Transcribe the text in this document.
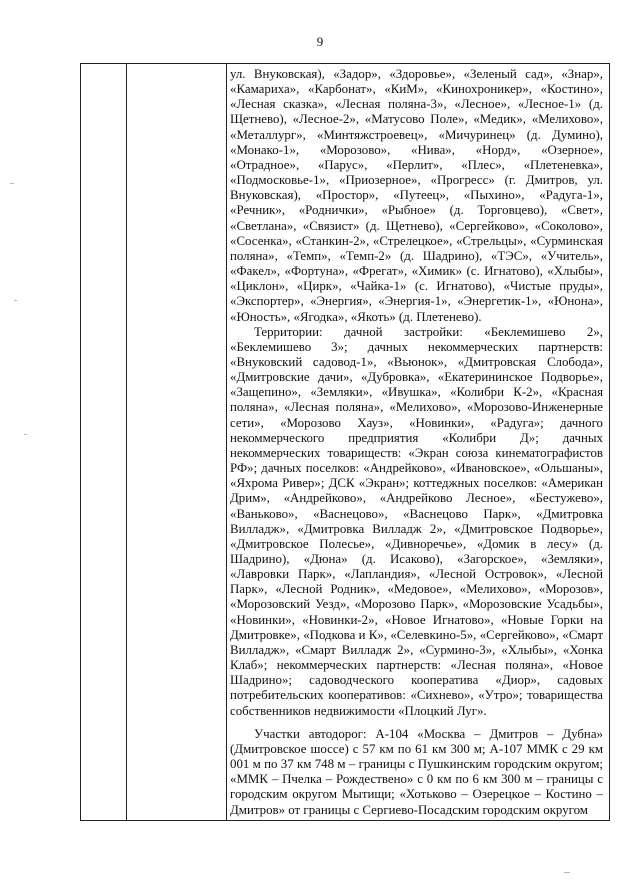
9

ул. Внуковская), «Задор», «Здоровье», «Зеленый сад», «Знар», «Камариха», «Карбонат», «КиМ», «Кинохроникер», «Костино», «Лесная сказка», «Лесная поляна-3», «Лесное», «Лесное-1» (д. Щетнево), «Лесное-2», «Матусово Поле», «Медик», «Мелихово», «Металлург», «Минтяжстроевец», «Мичуринец» (д. Думино), «Монако-1», «Морозово», «Нива», «Норд», «Озерное», «Отрадное», «Парус», «Перлит», «Плес», «Плетеневка», «Подмосковье-1», «Приозерное», «Прогресс» (г. Дмитров, ул. Внуковская), «Простор», «Путеец», «Пыхино», «Радуга-1», «Речник», «Роднички», «Рыбное» (д. Торговцево), «Свет», «Светлана», «Связист» (д. Щетнево), «Сергейково», «Соколово», «Сосенка», «Станкин-2», «Стрелецкое», «Стрельцы», «Сурминская поляна», «Темп», «Темп-2» (д. Шадрино), «ТЭС», «Учитель», «Факел», «Фортуна», «Фрегат», «Химик» (с. Игнатово), «Хлыбы», «Циклон», «Цирк», «Чайка-1» (с. Игнатово), «Чистые пруды», «Экспортер», «Энергия», «Энергия-1», «Энергетик-1», «Юнона», «Юность», «Ягодка», «Якоть» (д. Плетенево).

Территории: дачной застройки: «Беклемишево 2», «Беклемишево 3»; дачных некоммерческих партнерств: «Внуковский садовод-1», «Вьюнок», «Дмитровская Слобода», «Дмитровские дачи», «Дубровка», «Екатерининское Подворье», «Защепино», «Земляки», «Ивушка», «Колибри К-2», «Красная поляна», «Лесная поляна», «Мелихово», «Морозово-Инженерные сети», «Морозово Хауз», «Новинки», «Радуга»; дачного некоммерческого предприятия «Колибри Д»; дачных некоммерческих товариществ: «Экран союза кинематографистов РФ»; дачных поселков: «Андрейково», «Ивановское», «Ольшаны», «Яхрома Ривер»; ДСК «Экран»; коттеджных поселков: «Американ Дрим», «Андрейково», «Андрейково Лесное», «Бестужево», «Ваньково», «Васнецово», «Васнецово Парк», «Дмитровка Вилладж», «Дмитровка Вилладж 2», «Дмитровское Подворье», «Дмитровское Полесье», «Дивноречье», «Домик в лесу» (д. Шадрино), «Дюна» (д. Исаково), «Загорское», «Земляки», «Лавровки Парк», «Лапландия», «Лесной Островок», «Лесной Парк», «Лесной Родник», «Медовое», «Мелихово», «Морозов», «Морозовский Уезд», «Морозово Парк», «Морозовские Усадьбы», «Новинки», «Новинки-2», «Новое Игнатово», «Новые Горки на Дмитровке», «Подкова и К», «Селевкино-5», «Сергейково», «Смарт Вилладж», «Смарт Вилладж 2», «Сурмино-3», «Хлыбы», «Хонка Клаб»; некоммерческих партнерств: «Лесная поляна», «Новое Шадрино»; садоводческого кооператива «Диор», садовых потребительских кооперативов: «Сихнево», «Утро»; товарищества собственников недвижимости «Плоцкий Луг».

Участки автодорог: А-104 «Москва – Дмитров – Дубна» (Дмитровское шоссе) с 57 км по 61 км 300 м; А-107 ММК с 29 км 001 м по 37 км 748 м – границы с Пушкинским городским округом; «ММК – Пчелка – Рождествено» с 0 км по 6 км 300 м – границы с городским округом Мытищи; «Хотьково – Озерецкое – Костино – Дмитров» от границы с Сергиево-Посадским городским округом
